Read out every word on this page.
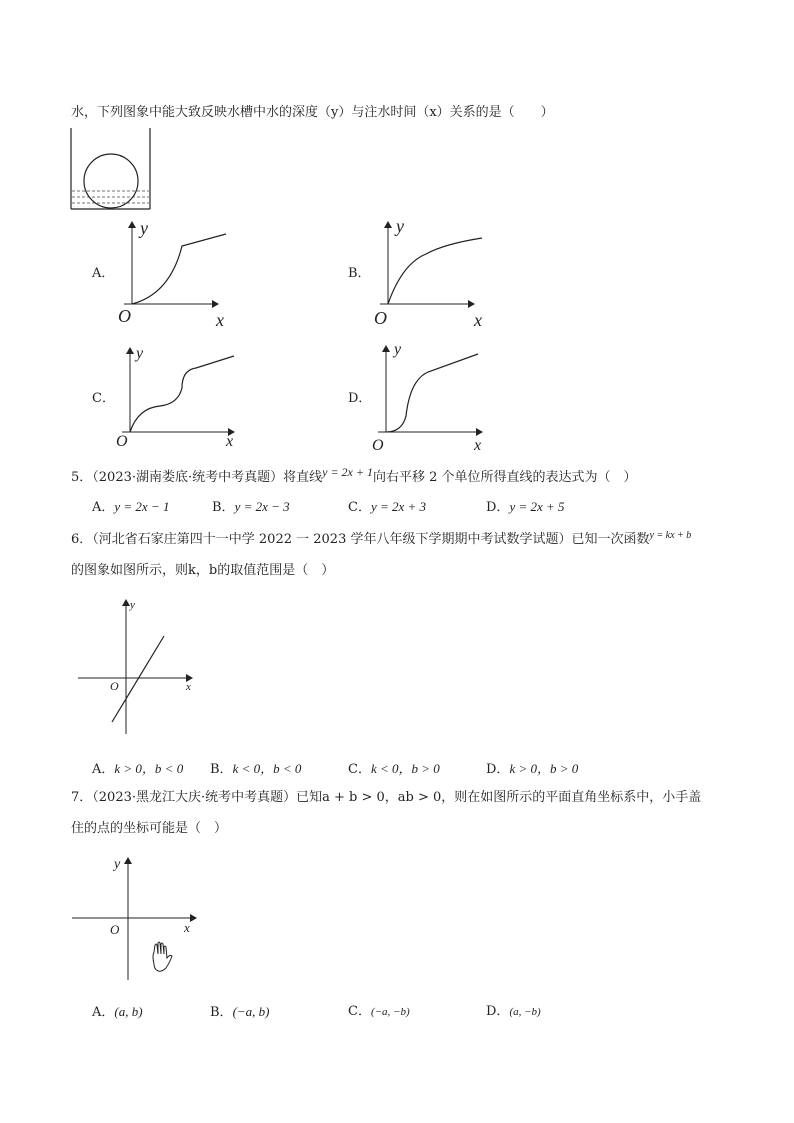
水，下列图象中能大致反映水槽中水的深度（y）与注水时间（x）关系的是（　　）
A．
y
x
O
B．
y
x
O
C．
y
x
O
D．
y
x
O
5．（2023·湖南娄底·统考中考真题）将直线y = 2x + 1向右平移 2 个单位所得直线的表达式为（　）
A．y = 2x − 1	B．y = 2x − 3	C．y = 2x + 3	D．y = 2x + 5
6．（河北省石家庄第四十一中学 2022 一 2023 学年八年级下学期期中考试数学试题）已知一次函数$^{y = kx + b}$
的图象如图所示，则k，b的取值范围是（　）
y
x
O
A．k > 0，b < 0 B．k < 0，b < 0	C．k < 0，b > 0	D．k > 0，b > 0
7．（2023·黑龙江大庆·统考中考真题）已知a + b > 0，ab > 0，则在如图所示的平面直角坐标系中，小手盖
住的点的坐标可能是（　）
y
x
O
A．(a, b)	B．(−a, b)	C．(−a, −b)	D．(a, −b)
